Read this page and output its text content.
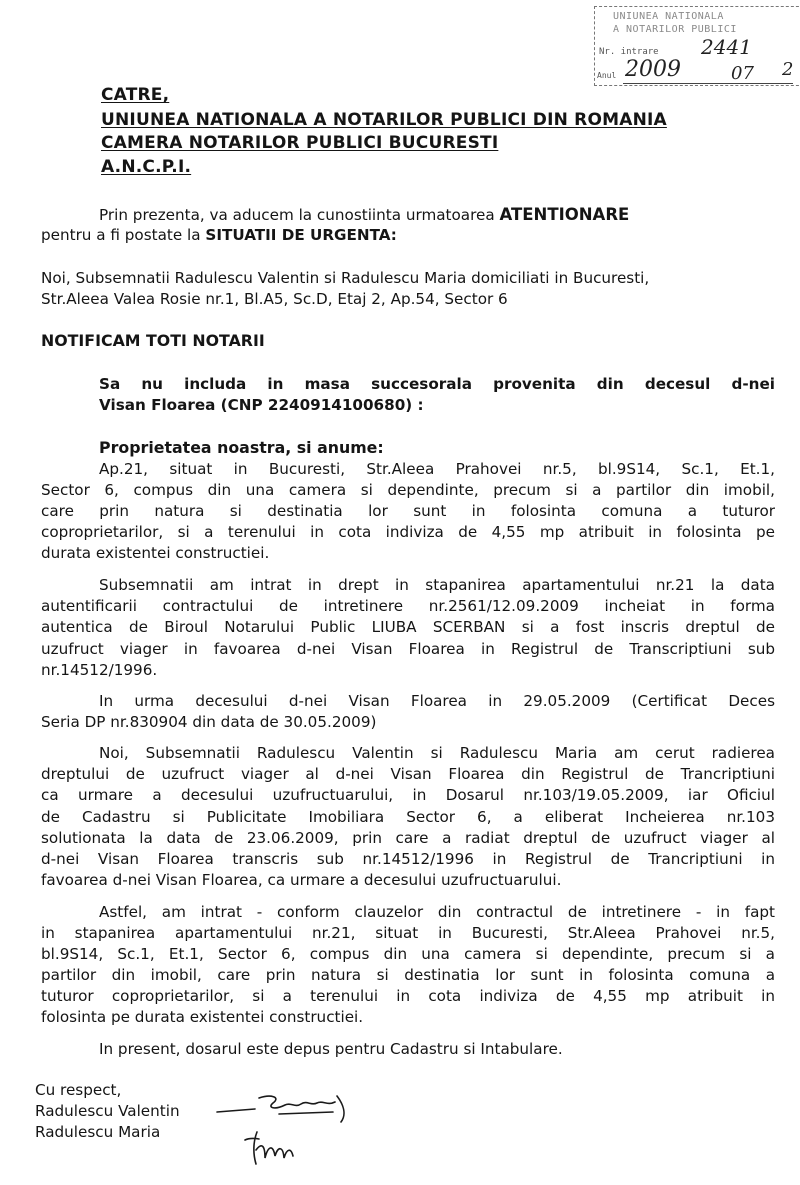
UNIUNEA NATIONALA
A NOTARILOR PUBLICI
Nr. intrare 2441
Anul 2009	07 2
CATRE,
UNIUNEA NATIONALA A NOTARILOR PUBLICI DIN ROMANIA
CAMERA NOTARILOR PUBLICI BUCURESTI
A.N.C.P.I.
Prin prezenta, va aducem la cunostiinta urmatoarea ATENTIONARE
pentru a fi postate la SITUATII DE URGENTA:
Noi, Subsemnatii Radulescu Valentin si Radulescu Maria domiciliati in Bucuresti,
Str.Aleea Valea Rosie nr.1, Bl.A5, Sc.D, Etaj 2, Ap.54, Sector 6
NOTIFICAM TOTI NOTARII
Sa nu includa in masa succesorala provenita din decesul d-nei
Visan Floarea (CNP 2240914100680) :
Proprietatea noastra, si anume:
Ap.21, situat in Bucuresti, Str.Aleea Prahovei nr.5, bl.9S14, Sc.1, Et.1,
Sector 6, compus din una camera si dependinte, precum si a partilor din imobil,
care prin natura si destinatia lor sunt in folosinta comuna a tuturor
coproprietarilor, si a terenului in cota indiviza de 4,55 mp atribuit in folosinta pe
durata existentei constructiei.
Subsemnatii am intrat in drept in stapanirea apartamentului nr.21 la data
autentificarii contractului de intretinere nr.2561/12.09.2009 incheiat in forma
autentica de Biroul Notarului Public LIUBA SCERBAN si a fost inscris dreptul de
uzufruct viager in favoarea d-nei Visan Floarea in Registrul de Transcriptiuni sub
nr.14512/1996.
In urma decesului d-nei Visan Floarea in 29.05.2009 (Certificat Deces
Seria DP nr.830904 din data de 30.05.2009)
Noi, Subsemnatii Radulescu Valentin si Radulescu Maria am cerut radierea
dreptului de uzufruct viager al d-nei Visan Floarea din Registrul de Trancriptiuni
ca urmare a decesului uzufructuarului, in Dosarul nr.103/19.05.2009, iar Oficiul
de Cadastru si Publicitate Imobiliara Sector 6, a eliberat Incheierea nr.103
solutionata la data de 23.06.2009, prin care a radiat dreptul de uzufruct viager al
d-nei Visan Floarea transcris sub nr.14512/1996 in Registrul de Trancriptiuni in
favoarea d-nei Visan Floarea, ca urmare a decesului uzufructuarului.
Astfel, am intrat - conform clauzelor din contractul de intretinere - in fapt
in stapanirea apartamentului nr.21, situat in Bucuresti, Str.Aleea Prahovei nr.5,
bl.9S14, Sc.1, Et.1, Sector 6, compus din una camera si dependinte, precum si a
partilor din imobil, care prin natura si destinatia lor sunt in folosinta comuna a
tuturor coproprietarilor, si a terenului in cota indiviza de 4,55 mp atribuit in
folosinta pe durata existentei constructiei.
In present, dosarul este depus pentru Cadastru si Intabulare.
Cu respect,
Radulescu Valentin
Radulescu Maria
